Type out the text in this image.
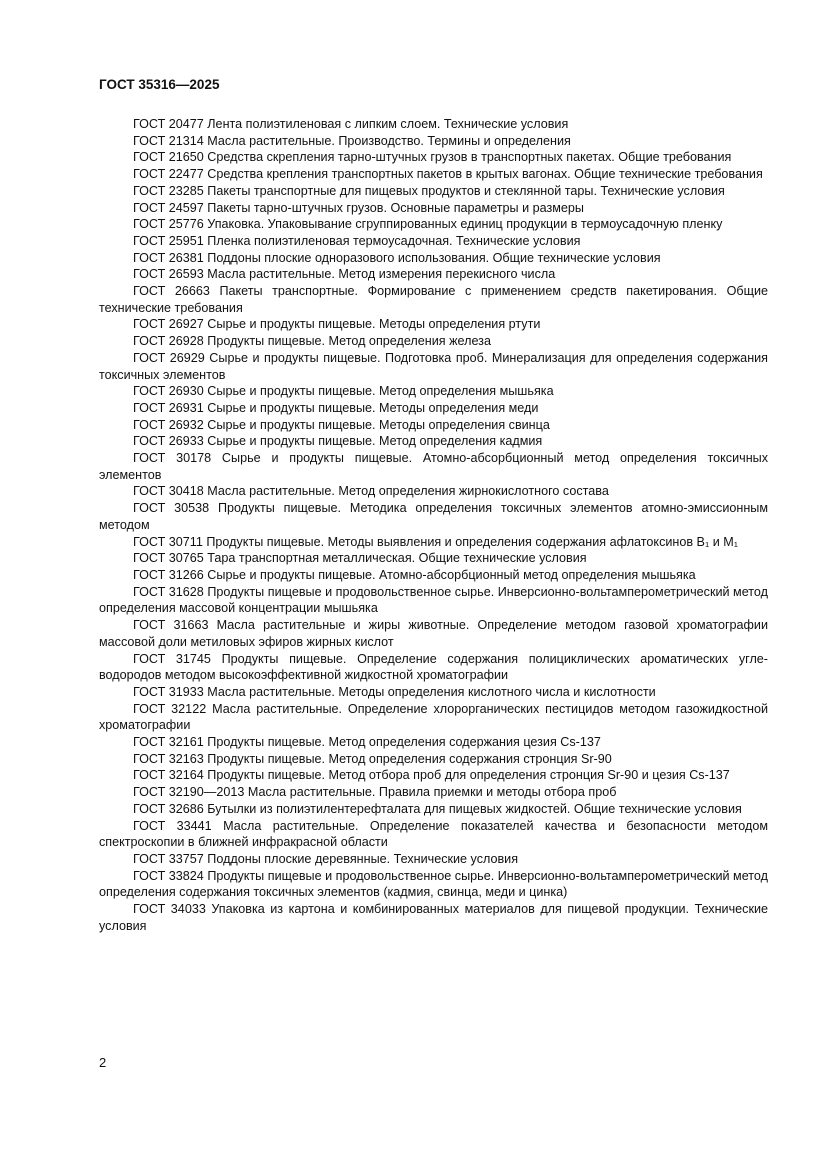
ГОСТ 35316—2025

ГОСТ 20477 Лента полиэтиленовая с липким слоем. Технические условия

ГОСТ 21314 Масла растительные. Производство. Термины и определения

ГОСТ 21650 Средства скрепления тарно-штучных грузов в транспортных пакетах. Общие требования

ГОСТ 22477 Средства крепления транспортных пакетов в крытых вагонах. Общие технические требования

ГОСТ 23285 Пакеты транспортные для пищевых продуктов и стеклянной тары. Технические условия

ГОСТ 24597 Пакеты тарно-штучных грузов. Основные параметры и размеры

ГОСТ 25776 Упаковка. Упаковывание сгруппированных единиц продукции в термоусадочную пленку

ГОСТ 25951 Пленка полиэтиленовая термоусадочная. Технические условия

ГОСТ 26381 Поддоны плоские одноразового использования. Общие технические условия

ГОСТ 26593 Масла растительные. Метод измерения перекисного числа

ГОСТ 26663 Пакеты транспортные. Формирование с применением средств пакетирования. Общие технические требования

ГОСТ 26927 Сырье и продукты пищевые. Методы определения ртути

ГОСТ 26928 Продукты пищевые. Метод определения железа

ГОСТ 26929 Сырье и продукты пищевые. Подготовка проб. Минерализация для определения содержания токсичных элементов

ГОСТ 26930 Сырье и продукты пищевые. Метод определения мышьяка

ГОСТ 26931 Сырье и продукты пищевые. Методы определения меди

ГОСТ 26932 Сырье и продукты пищевые. Методы определения свинца

ГОСТ 26933 Сырье и продукты пищевые. Метод определения кадмия

ГОСТ 30178 Сырье и продукты пищевые. Атомно-абсорбционный метод определения токсичных элементов

ГОСТ 30418 Масла растительные. Метод определения жирнокислотного состава

ГОСТ 30538 Продукты пищевые. Методика определения токсичных элементов атомно-эмиссионным методом

ГОСТ 30711 Продукты пищевые. Методы выявления и определения содержания афлатоксинов B₁ и M₁

ГОСТ 30765 Тара транспортная металлическая. Общие технические условия

ГОСТ 31266 Сырье и продукты пищевые. Атомно-абсорбционный метод определения мышьяка

ГОСТ 31628 Продукты пищевые и продовольственное сырье. Инверсионно-вольтамперометрический метод определения массовой концентрации мышьяка

ГОСТ 31663 Масла растительные и жиры животные. Определение методом газовой хроматографии массовой доли метиловых эфиров жирных кислот

ГОСТ 31745 Продукты пищевые. Определение содержания полициклических ароматических углеводородов методом высокоэффективной жидкостной хроматографии

ГОСТ 31933 Масла растительные. Методы определения кислотного числа и кислотности

ГОСТ 32122 Масла растительные. Определение хлорорганических пестицидов методом газожидкостной хроматографии

ГОСТ 32161 Продукты пищевые. Метод определения содержания цезия Cs-137

ГОСТ 32163 Продукты пищевые. Метод определения содержания стронция Sr-90

ГОСТ 32164 Продукты пищевые. Метод отбора проб для определения стронция Sr-90 и цезия Cs-137

ГОСТ 32190—2013 Масла растительные. Правила приемки и методы отбора проб

ГОСТ 32686 Бутылки из полиэтилентерефталата для пищевых жидкостей. Общие технические условия

ГОСТ 33441 Масла растительные. Определение показателей качества и безопасности методом спектроскопии в ближней инфракрасной области

ГОСТ 33757 Поддоны плоские деревянные. Технические условия

ГОСТ 33824 Продукты пищевые и продовольственное сырье. Инверсионно-вольтамперометрический метод определения содержания токсичных элементов (кадмия, свинца, меди и цинка)

ГОСТ 34033 Упаковка из картона и комбинированных материалов для пищевой продукции. Технические условия

2
